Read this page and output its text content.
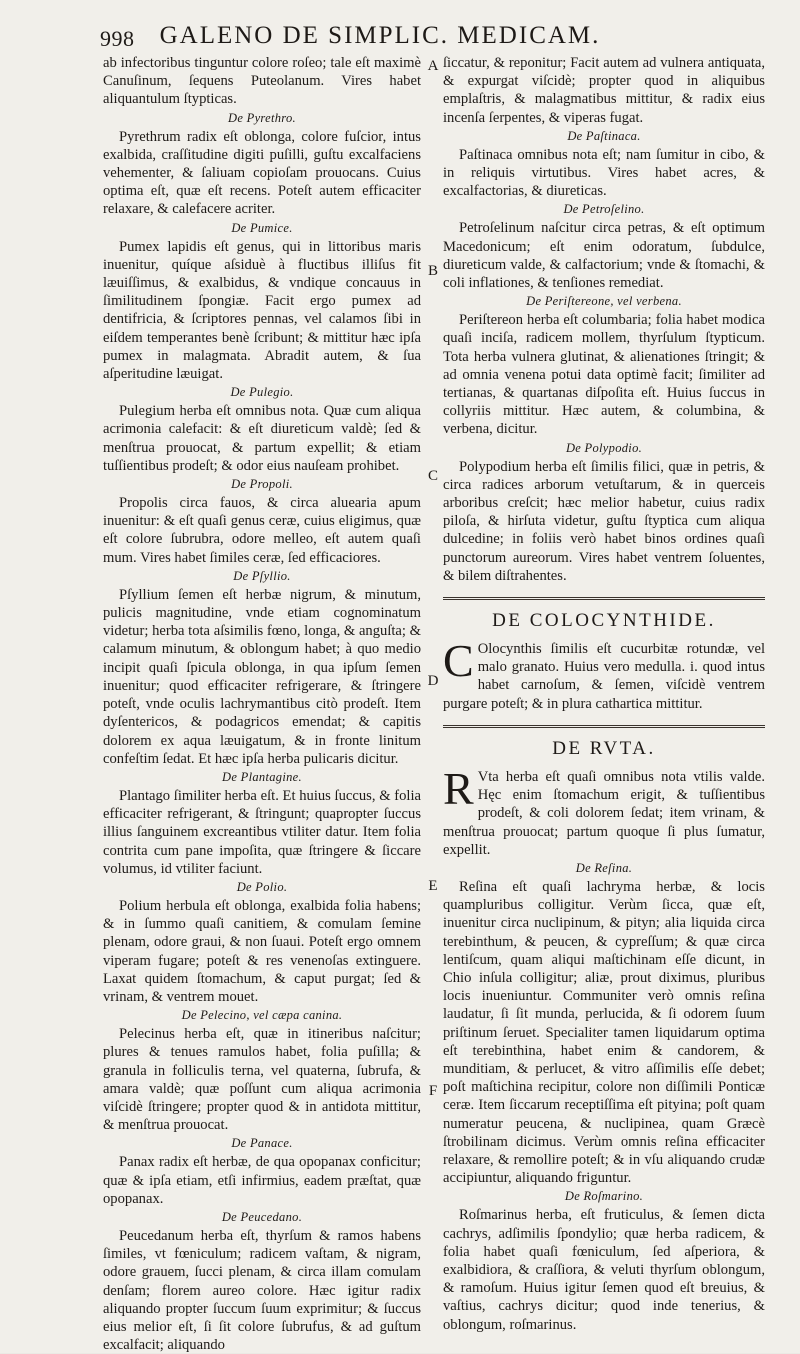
998	GALENO DE SIMPLIC. MEDICAM.
A
B
C
D
E
F

ab infectoribus tinguntur colore roſeo; tale eſt maximè Canuſinum, ſequens Puteolanum. Vires habet aliquantulum ſtypticas.

De Pyrethro.

Pyrethrum radix eſt oblonga, colore fuſcior, intus exalbida, craſſitudine digiti puſilli, guſtu excalfaciens vehementer, & ſaliuam copioſam prouocans. Cuius optima eſt, quæ eſt recens. Poteſt autem efficaciter relaxare, & calefacere acriter.

De Pumice.

Pumex lapidis eſt genus, qui in littoribus maris inuenitur, quíque aſsiduè à fluctibus illiſus fit læuiſſimus, & exalbidus, & vndique concauus in ſimilitudinem ſpongiæ. Facit ergo pumex ad dentifricia, & ſcriptores pennas, vel calamos ſibi in eiſdem temperantes benè ſcribunt; & mittitur hæc ipſa pumex in malagmata. Abradit autem, & ſua aſperitudine læuigat.

De Pulegio.

Pulegium herba eſt omnibus nota. Quæ cum aliqua acrimonia calefacit: & eſt diureticum valdè; ſed & menſtrua prouocat, & partum expellit; & etiam tuſſientibus prodeſt; & odor eius nauſeam prohibet.

De Propoli.

Propolis circa fauos, & circa aluearia apum inuenitur: & eſt quaſi genus ceræ, cuius eligimus, quæ eſt colore ſubrubra, odore melleo, eſt autem quaſi mum. Vires habet ſimiles ceræ, ſed efficaciores.

De Pſyllio.

Pſyllium ſemen eſt herbæ nigrum, & minutum, pulicis magnitudine, vnde etiam cognominatum videtur; herba tota aſsimilis fœno, longa, & anguſta; & calamum minutum, & oblongum habet; à quo medio incipit quaſi ſpicula oblonga, in qua ipſum ſemen inuenitur; quod efficaciter refrigerare, & ſtringere poteſt, vnde oculis lachrymantibus citò prodeſt. Item dyſentericos, & podagricos emendat; & capitis dolorem ex aqua læuigatum, & in fronte linitum confeſtim ſedat. Et hæc ipſa herba pulicaris dicitur.

De Plantagine.

Plantago ſimiliter herba eſt. Et huius ſuccus, & folia efficaciter refrigerant, & ſtringunt; quapropter ſuccus illius ſanguinem excreantibus vtiliter datur. Item folia contrita cum pane impoſita, quæ ſtringere & ſiccare volumus, id vtiliter faciunt.

De Polio.

Polium herbula eſt oblonga, exalbida folia habens; & in ſummo quaſi canitiem, & comulam ſemine plenam, odore graui, & non ſuaui. Poteſt ergo omnem viperam fugare; poteſt & res venenoſas extinguere. Laxat quidem ſtomachum, & caput purgat; ſed & vrinam, & ventrem mouet.

De Pelecino, vel cæpa canina.

Pelecinus herba eſt, quæ in itineribus naſcitur; plures & tenues ramulos habet, folia puſilla; & granula in folliculis terna, vel quaterna, ſubrufa, & amara valdè; quæ poſſunt cum aliqua acrimonia viſcidè ſtringere; propter quod & in antidota mittitur, & menſtrua prouocat.

De Panace.

Panax radix eſt herbæ, de qua opopanax conficitur; quæ & ipſa etiam, etſi infirmius, eadem præſtat, quæ opopanax.

De Peucedano.

Peucedanum herba eſt, thyrſum & ramos habens ſimiles, vt fœniculum; radicem vaſtam, & nigram, odore grauem, ſucci plenam, & circa illam comulam denſam; florem aureo colore. Hæc igitur radix aliquando propter ſuccum ſuum exprimitur; & ſuccus eius melior eſt, ſi ſit colore ſubrufus, & ad guſtum excalfacit; aliquando

ſiccatur, & reponitur; Facit autem ad vulnera antiquata, & expurgat viſcidè; propter quod in aliquibus emplaſtris, & malagmatibus mittitur, & radix eius incenſa ſerpentes, & viperas fugat.

De Paſtinaca.

Paſtinaca omnibus nota eſt; nam ſumitur in cibo, & in reliquis virtutibus. Vires habet acres, & excalfactorias, & diureticas.

De Petroſelino.

Petroſelinum naſcitur circa petras, & eſt optimum Macedonicum; eſt enim odoratum, ſubdulce, diureticum valde, & calfactorium; vnde & ſtomachi, & coli inflationes, & tenſiones remediat.

De Periſtereone, vel verbena.

Periſtereon herba eſt columbaria; folia habet modica quaſi inciſa, radicem mollem, thyrſulum ſtypticum. Tota herba vulnera glutinat, & alienationes ſtringit; & ad omnia venena potui data optimè facit; ſimiliter ad tertianas, & quartanas diſpoſita eſt. Huius ſuccus in collyriis mittitur. Hæc autem, & columbina, & verbena, dicitur.

De Polypodio.

Polypodium herba eſt ſimilis filici, quæ in petris, & circa radices arborum vetuſtarum, & in querceis arboribus creſcit; hæc melior habetur, cuius radix piloſa, & hirſuta videtur, guſtu ſtyptica cum aliqua dulcedine; in foliis verò habet binos ordines quaſi punctorum aureorum. Vires habet ventrem ſoluentes, & bilem diſtrahentes.

DE COLOCYNTHIDE.

C Olocynthis ſimilis eſt cucurbitæ rotundæ, vel malo granato. Huius vero medulla. i. quod intus habet carnoſum, & ſemen, viſcidè ventrem purgare poteſt; & in plura cathartica mittitur.

DE RVTA.

R Vta herba eſt quaſi omnibus nota vtilis valde. Hęc enim ſtomachum erigit, & tuſſientibus prodeſt, & coli dolorem ſedat; item vrinam, & menſtrua prouocat; partum quoque ſi plus ſumatur, expellit.

De Reſina.

Reſina eſt quaſi lachryma herbæ, & locis quampluribus colligitur. Verùm ſicca, quæ eſt, inuenitur circa nuclipinum, & pityn; alia liquida circa terebinthum, & peucen, & cypreſſum; & quæ circa lentiſcum, quam aliqui maſtichinam eſſe dicunt, in Chio inſula colligitur; aliæ, prout diximus, pluribus locis inueniuntur. Communiter verò omnis reſina laudatur, ſi ſit munda, perlucida, & ſi odorem ſuum priſtinum ſeruet. Specialiter tamen liquidarum optima eſt terebinthina, habet enim & candorem, & munditiam, & perlucet, & vitro aſſimilis eſſe debet; poſt maſtichina recipitur, colore non diſſimili Ponticæ ceræ. Item ſiccarum receptiſſima eſt pityina; poſt quam numeratur peucena, & nuclipinea, quam Græcè ſtrobilinam dicimus. Verùm omnis reſina efficaciter relaxare, & remollire poteſt; & in vſu aliquando crudæ accipiuntur, aliquando friguntur.

De Roſmarino.

Roſmarinus herba, eſt fruticulus, & ſemen dicta cachrys, adſimilis ſpondylio; quæ herba radicem, & folia habet quaſi fœniculum, ſed aſperiora, & exalbidiora, & craſſiora, & veluti thyrſum oblongum, & ramoſum. Huius igitur ſemen quod eſt breuius, & vaſtius, cachrys dicitur; quod inde tenerius, & oblongum, roſmarinus.
